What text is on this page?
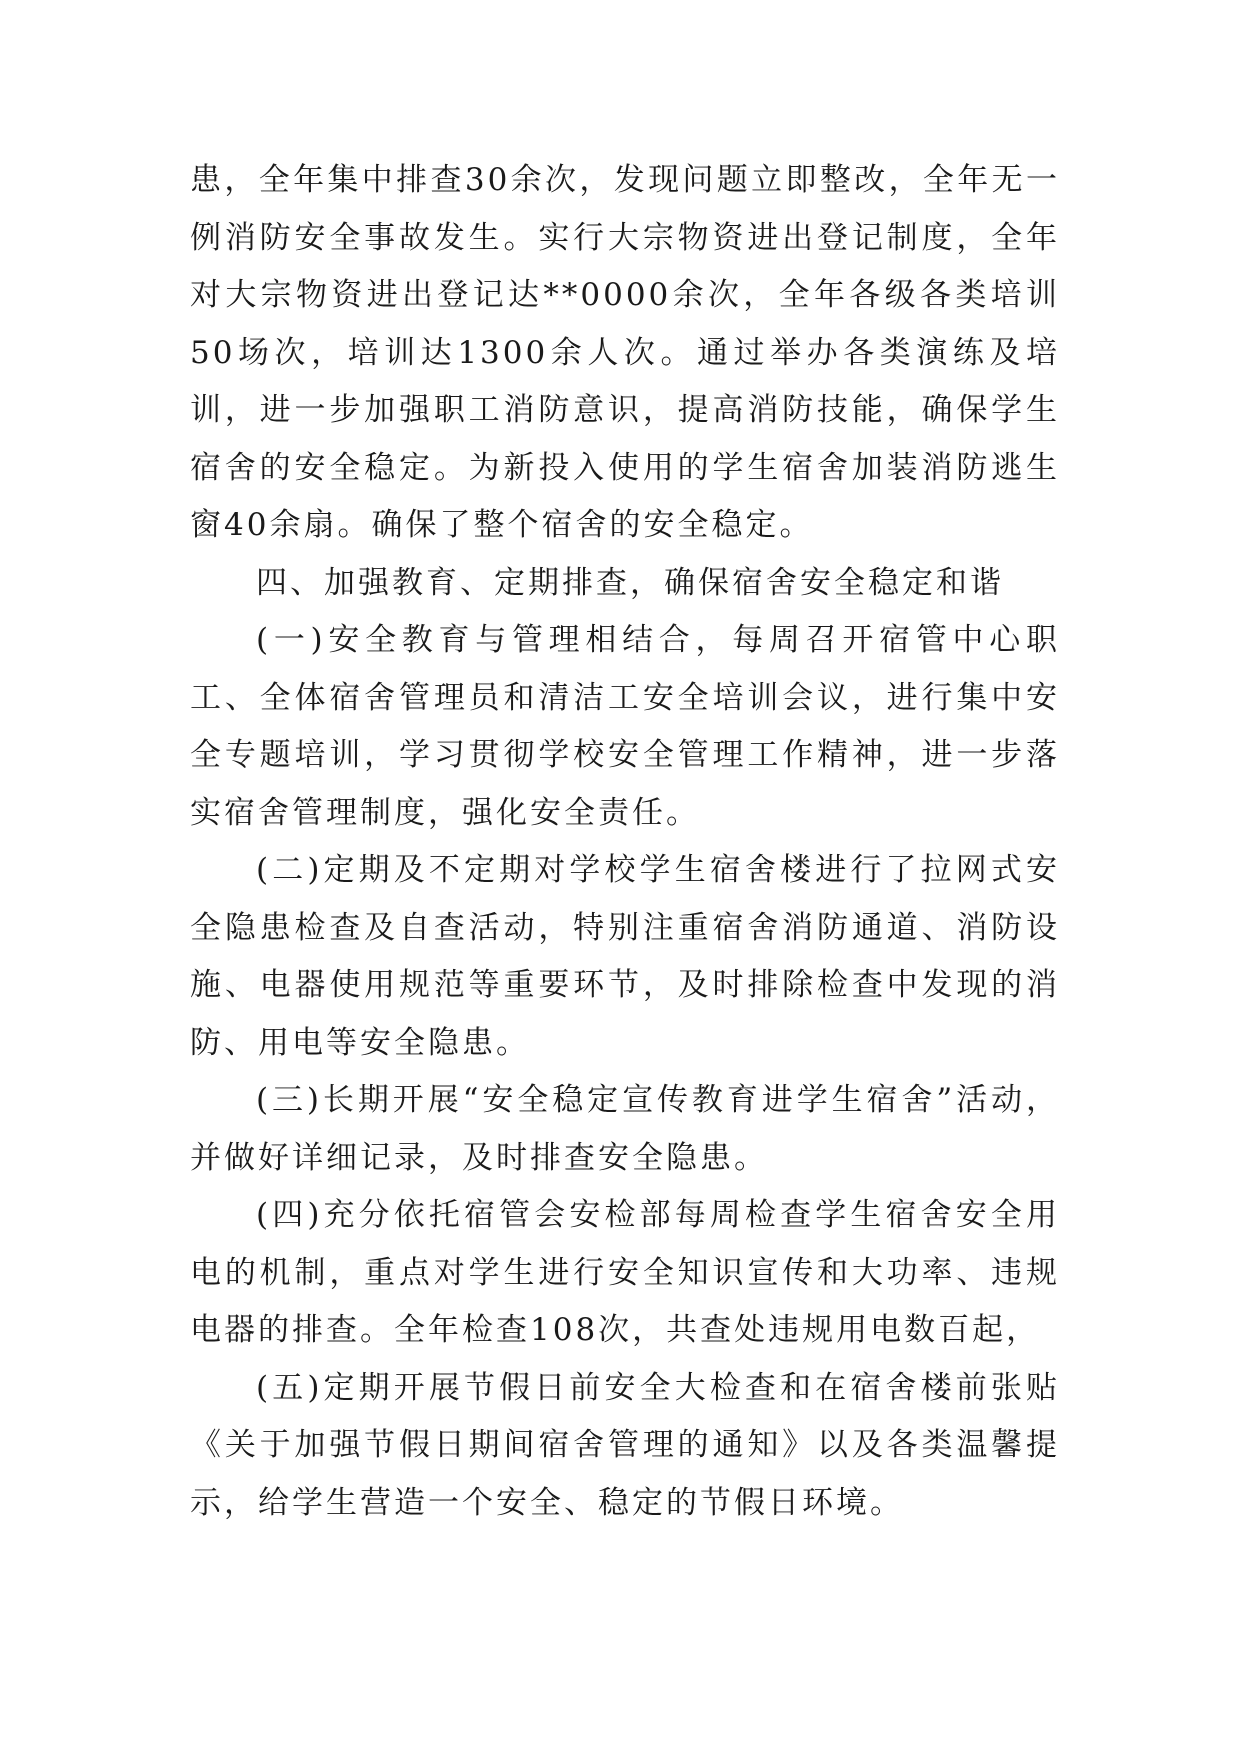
患，全年集中排查30余次，发现问题立即整改，全年无一例消防安全事故发生。实行大宗物资进出登记制度，全年对大宗物资进出登记达**0000余次，全年各级各类培训50场次，培训达1300余人次。通过举办各类演练及培训，进一步加强职工消防意识，提高消防技能，确保学生宿舍的安全稳定。为新投入使用的学生宿舍加装消防逃生窗40余扇。确保了整个宿舍的安全稳定。

四、加强教育、定期排查，确保宿舍安全稳定和谐

(一)安全教育与管理相结合，每周召开宿管中心职工、全体宿舍管理员和清洁工安全培训会议，进行集中安全专题培训，学习贯彻学校安全管理工作精神，进一步落实宿舍管理制度，强化安全责任。

(二)定期及不定期对学校学生宿舍楼进行了拉网式安全隐患检查及自查活动，特别注重宿舍消防通道、消防设施、电器使用规范等重要环节，及时排除检查中发现的消防、用电等安全隐患。

(三)长期开展“安全稳定宣传教育进学生宿舍”活动，并做好详细记录，及时排查安全隐患。

(四)充分依托宿管会安检部每周检查学生宿舍安全用电的机制，重点对学生进行安全知识宣传和大功率、违规电器的排查。全年检查108次，共查处违规用电数百起，

(五)定期开展节假日前安全大检查和在宿舍楼前张贴《关于加强节假日期间宿舍管理的通知》以及各类温馨提示，给学生营造一个安全、稳定的节假日环境。
